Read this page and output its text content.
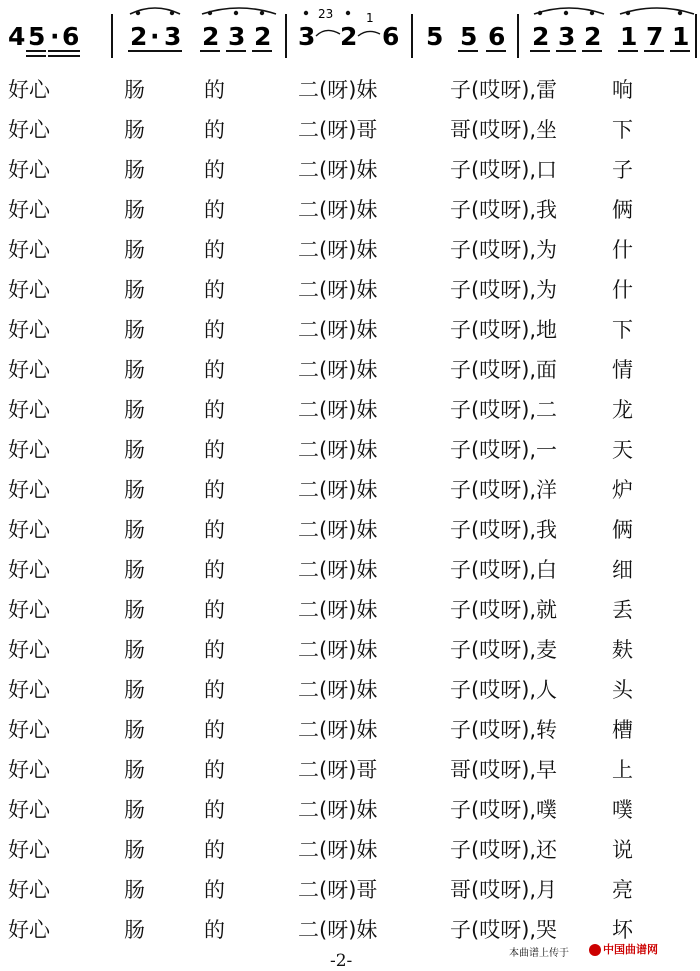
4 5 · 6 2 · 3 2 3 2 3 2 6 5 5 6 2 3 2 1 7 1
23	1
好心	肠	的	二(呀)妹	子(哎呀),雷	响
好心	肠	的	二(呀)哥	哥(哎呀),坐	下
好心	肠	的	二(呀)妹	子(哎呀),口	子
好心	肠	的	二(呀)妹	子(哎呀),我	俩
好心	肠	的	二(呀)妹	子(哎呀),为	什
好心	肠	的	二(呀)妹	子(哎呀),为	什
好心	肠	的	二(呀)妹	子(哎呀),地	下
好心	肠	的	二(呀)妹	子(哎呀),面	情
好心	肠	的	二(呀)妹	子(哎呀),二	龙
好心	肠	的	二(呀)妹	子(哎呀),一	天
好心	肠	的	二(呀)妹	子(哎呀),洋	炉
好心	肠	的	二(呀)妹	子(哎呀),我	俩
好心	肠	的	二(呀)妹	子(哎呀),白	细
好心	肠	的	二(呀)妹	子(哎呀),就	丢
好心	肠	的	二(呀)妹	子(哎呀),麦	麸
好心	肠	的	二(呀)妹	子(哎呀),人	头
好心	肠	的	二(呀)妹	子(哎呀),转	槽
好心	肠	的	二(呀)哥	哥(哎呀),早	上
好心	肠	的	二(呀)妹	子(哎呀),噗	噗
好心	肠	的	二(呀)妹	子(哎呀),还	说
好心	肠	的	二(呀)哥	哥(哎呀),月	亮
好心	肠	的	二(呀)妹	子(哎呀),哭	坏
-2-	本曲谱上传于	中国曲谱网
